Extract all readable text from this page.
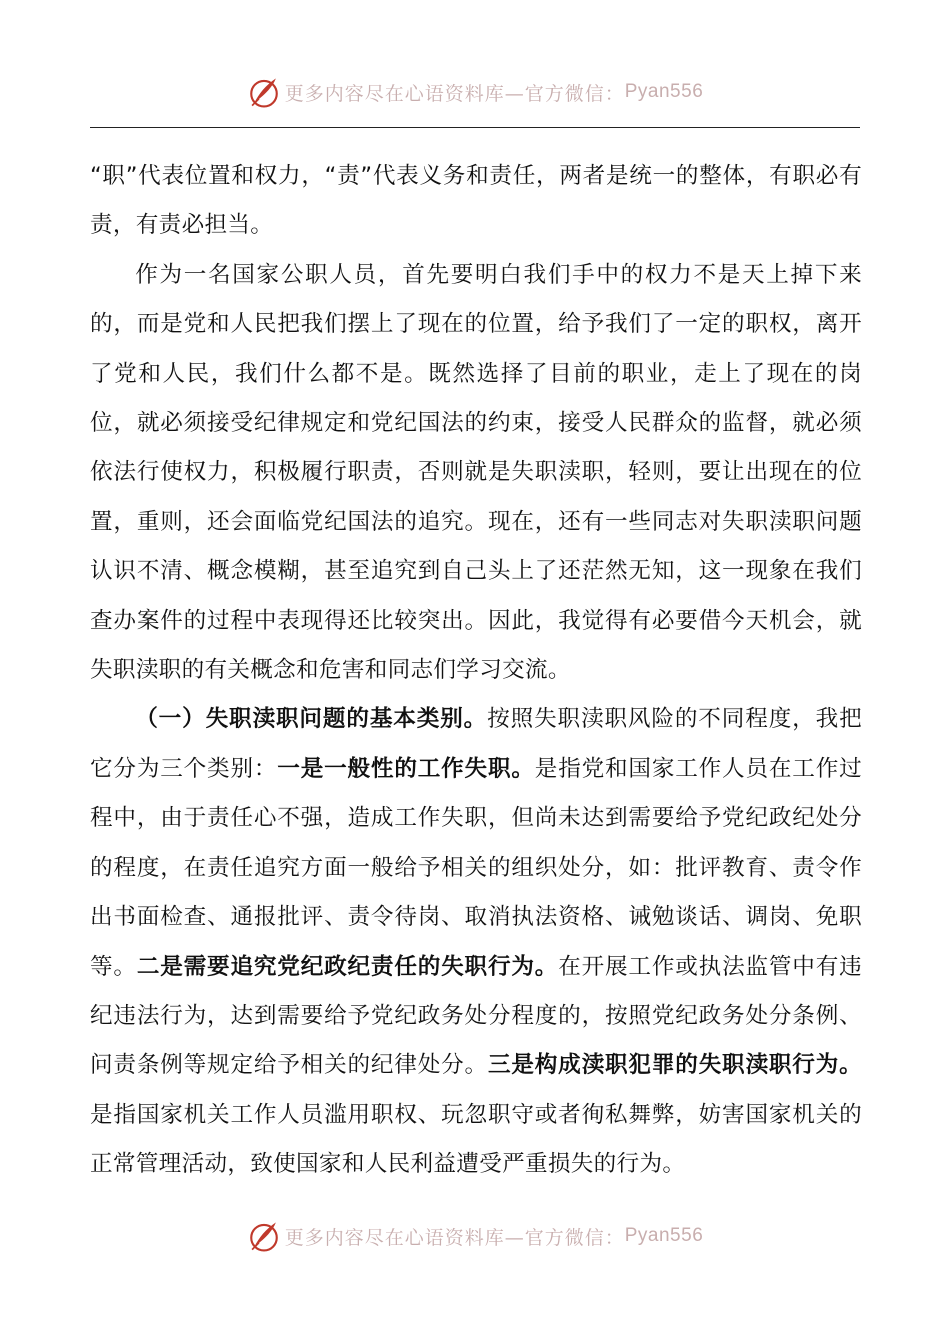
更多内容尽在心语资料库—官方微信： Pyan556

“职”代表位置和权力，“责”代表义务和责任，两者是统一的整体，有职必有责，有责必担当。

作为一名国家公职人员，首先要明白我们手中的权力不是天上掉下来的，而是党和人民把我们摆上了现在的位置，给予我们了一定的职权，离开了党和人民，我们什么都不是。既然选择了目前的职业，走上了现在的岗位，就必须接受纪律规定和党纪国法的约束，接受人民群众的监督，就必须依法行使权力，积极履行职责，否则就是失职渎职，轻则，要让出现在的位置，重则，还会面临党纪国法的追究。现在，还有一些同志对失职渎职问题认识不清、概念模糊，甚至追究到自己头上了还茫然无知，这一现象在我们查办案件的过程中表现得还比较突出。因此，我觉得有必要借今天机会，就失职渎职的有关概念和危害和同志们学习交流。

（一）失职渎职问题的基本类别。按照失职渎职风险的不同程度，我把它分为三个类别：一是一般性的工作失职。是指党和国家工作人员在工作过程中，由于责任心不强，造成工作失职，但尚未达到需要给予党纪政纪处分的程度，在责任追究方面一般给予相关的组织处分，如：批评教育、责令作出书面检查、通报批评、责令待岗、取消执法资格、诫勉谈话、调岗、免职等。二是需要追究党纪政纪责任的失职行为。在开展工作或执法监管中有违纪违法行为，达到需要给予党纪政务处分程度的，按照党纪政务处分条例、问责条例等规定给予相关的纪律处分。三是构成渎职犯罪的失职渎职行为。是指国家机关工作人员滥用职权、玩忽职守或者徇私舞弊，妨害国家机关的正常管理活动，致使国家和人民利益遭受严重损失的行为。

更多内容尽在心语资料库—官方微信： Pyan556
